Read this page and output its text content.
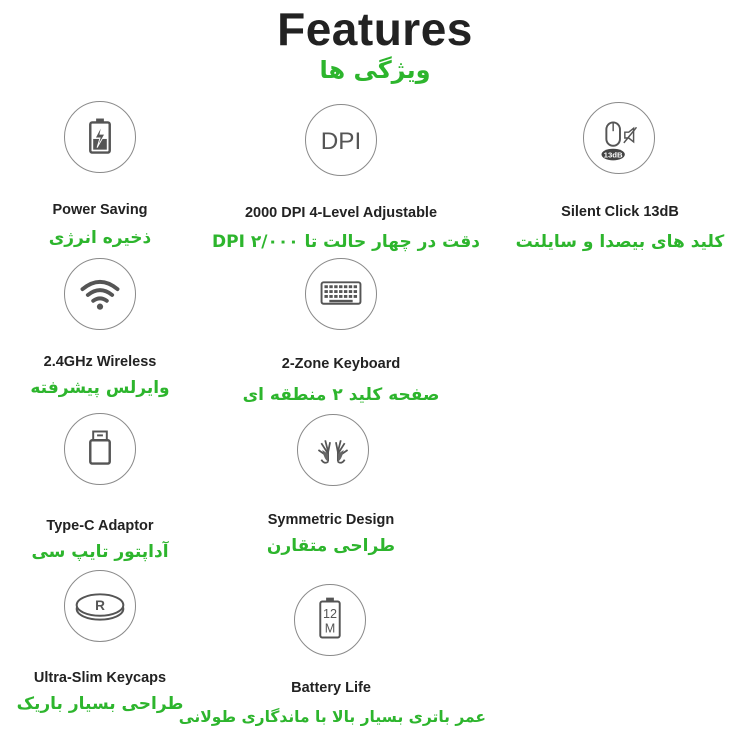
Features
ویژگی ها
Power Saving
ذخیره انرژی
DPI
2000 DPI 4-Level Adjustable
دقت در چهار حالت تا ۲/۰۰۰ DPI
13dB
Silent Click 13dB
کلید های بیصدا و سایلنت
2.4GHz Wireless
وایرلس پیشرفته
2-Zone Keyboard
صفحه کلید ۲ منطقه ای
Type-C Adaptor
آداپتور تایپ سی
Symmetric Design
طراحی متقارن
R
Ultra-Slim Keycaps
طراحی بسیار باریک
12
M
Battery Life
عمر باتری بسیار بالا با ماندگاری طولانی
